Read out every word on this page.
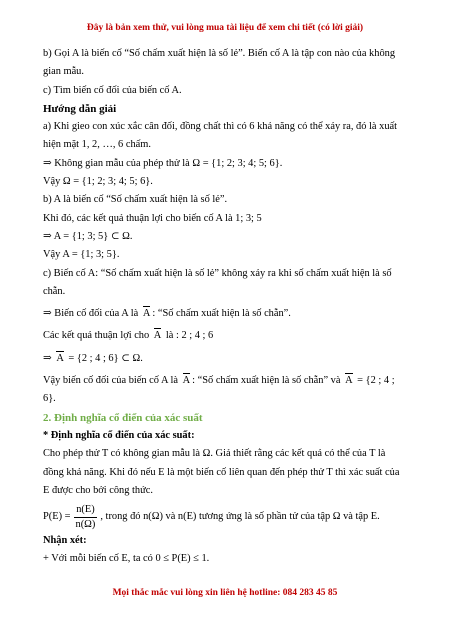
Đây là bản xem thử, vui lòng mua tài liệu để xem chi tiết (có lời giải)

b) Gọi A là biến cố “Số chấm xuất hiện là số lẻ”. Biến cố A là tập con nào của không gian mẫu.

c) Tìm biến cố đối của biến cố A.

Hướng dẫn giải

a) Khi gieo con xúc xắc cân đối, đồng chất thì có 6 khả năng có thể xảy ra, đó là xuất hiện mặt 1, 2, …, 6 chấm.

⇒ Không gian mẫu của phép thử là Ω = {1; 2; 3; 4; 5; 6}.

Vậy Ω = {1; 2; 3; 4; 5; 6}.

b) A là biến cố “Số chấm xuất hiện là số lẻ”.

Khi đó, các kết quả thuận lợi cho biến cố A là 1; 3; 5

⇒ A = {1; 3; 5} ⊂ Ω.

Vậy A = {1; 3; 5}.

c) Biến cố A: “Số chấm xuất hiện là số lẻ” không xảy ra khi số chấm xuất hiện là số chẵn.

⇒ Biến cố đối của A là A : “Số chấm xuất hiện là số chẵn”.

Các kết quả thuận lợi cho A là : 2 ; 4 ; 6

⇒ A = {2 ; 4 ; 6} ⊂ Ω.

Vậy biến cố đối của biến cố A là A : “Số chấm xuất hiện là số chẵn” và A = {2 ; 4 ; 6}.

2. Định nghĩa cổ điển của xác suất

* Định nghĩa cổ điển của xác suất:

Cho phép thử T có không gian mẫu là Ω. Giả thiết rằng các kết quả có thể của T là đồng khả năng. Khi đó nếu E là một biến cố liên quan đến phép thử T thì xác suất của E được cho bởi công thức.

$P(E) = \frac{n(E)}{n(\Omega)}$ , trong đó n(Ω) và n(E) tương ứng là số phần tử của tập Ω và tập E.

Nhận xét:

+ Với mỗi biến cố E, ta có 0 ≤ P(E) ≤ 1.

Mọi thắc mắc vui lòng xin liên hệ hotline: 084 283 45 85
